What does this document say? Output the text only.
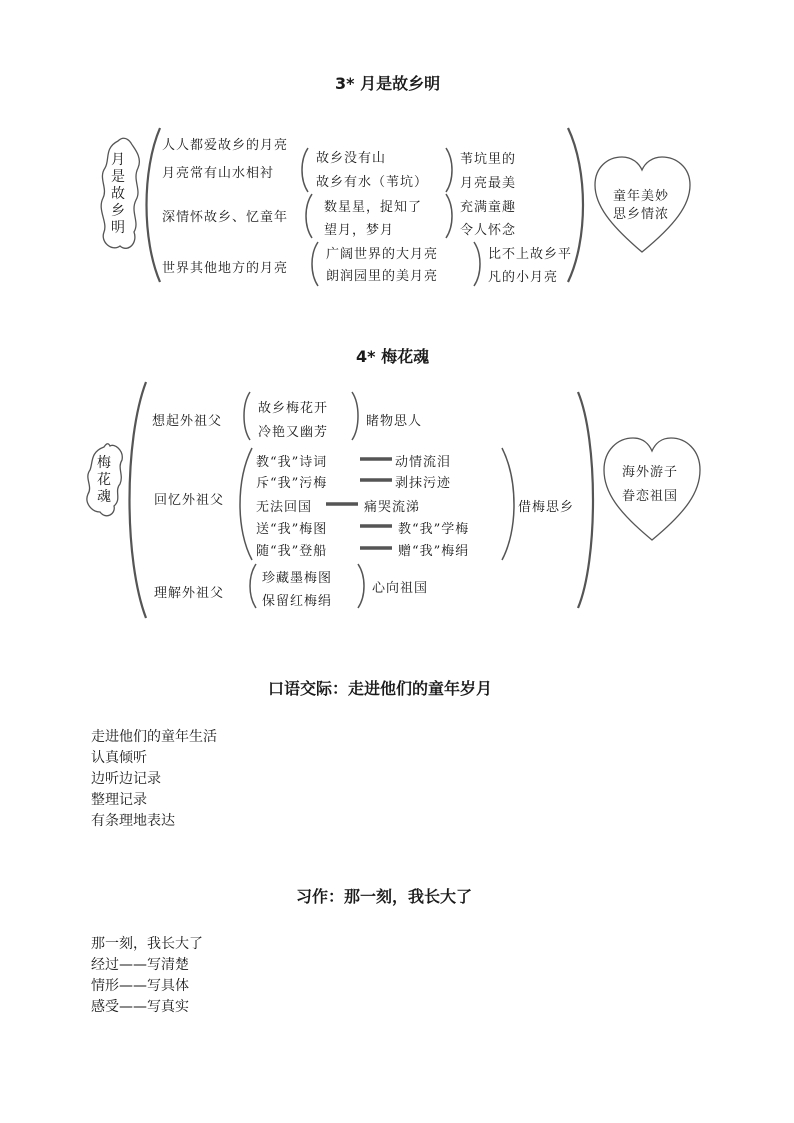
3* 月是故乡明
月是故乡明
人人都爱故乡的月亮
月亮常有山水相衬
深情怀故乡、忆童年
世界其他地方的月亮
故乡没有山
故乡有水（苇坑）
数星星，捉知了
望月，梦月
广阔世界的大月亮
朗润园里的美月亮
苇坑里的
月亮最美
充满童趣
令人怀念
比不上故乡平
凡的小月亮
童年美妙
思乡情浓
4* 梅花魂
梅花魂
想起外祖父
回忆外祖父
理解外祖父
故乡梅花开
冷艳又幽芳
睹物思人
教“我”诗词
斥“我”污梅
无法回国
送“我”梅图
随“我”登船
动情流泪
剥抹污迹
痛哭流涕
教“我”学梅
赠“我”梅绢
借梅思乡
珍藏墨梅图
保留红梅绢
心向祖国
海外游子
眷恋祖国
口语交际：走进他们的童年岁月
走进他们的童年生活
认真倾听
边听边记录
整理记录
有条理地表达
习作：那一刻，我长大了
那一刻，我长大了
经过——写清楚
情形——写具体
感受——写真实
